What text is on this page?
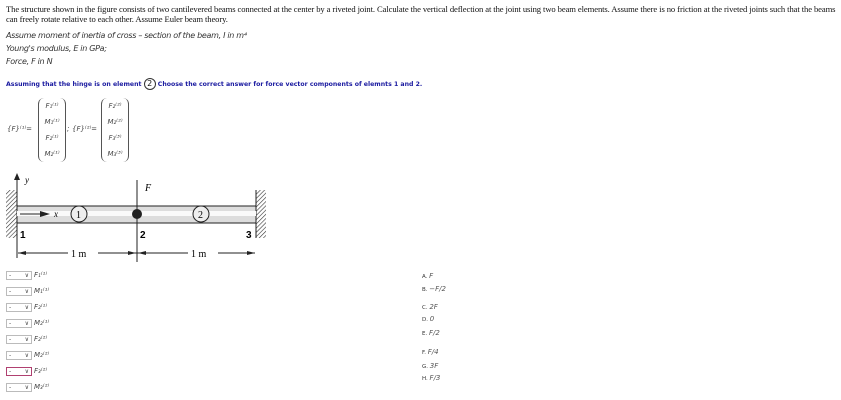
The structure shown in the figure consists of two cantilevered beams connected at the center by a riveted joint. Calculate the vertical deflection at the joint using two beam elements. Assume there is no friction at the riveted joints such that the beams can freely rotate relative to each other. Assume Euler beam theory.
Assume moment of inertia of cross – section of the beam, I in m⁴
Young's modulus, E in GPa;
Force, F in N
Assuming that the hinge is on element 2 Choose the correct answer for force vector components of elemnts 1 and 2.
{F}⁽¹⁾=
F₁⁽¹⁾
M₁⁽¹⁾
F₂⁽¹⁾
M₂⁽¹⁾
; {F}⁽²⁾=
F₂⁽²⁾
M₂⁽²⁾
F₃⁽³⁾
M₃⁽³⁾
y
x 1	2
F
1	2	3
1 m	1 m
- ∨ F₁⁽¹⁾
- ∨ M₁⁽¹⁾
- ∨ F₂⁽¹⁾
- ∨ M₂⁽¹⁾
- ∨ F₂⁽²⁾
- ∨ M₂⁽²⁾
- ∨ F₃⁽²⁾
- ∨ M₃⁽²⁾
A. F
B. −F/2
C. 2F
D. 0
E. F/2
F. F/4
G. 3F
H. F/3
